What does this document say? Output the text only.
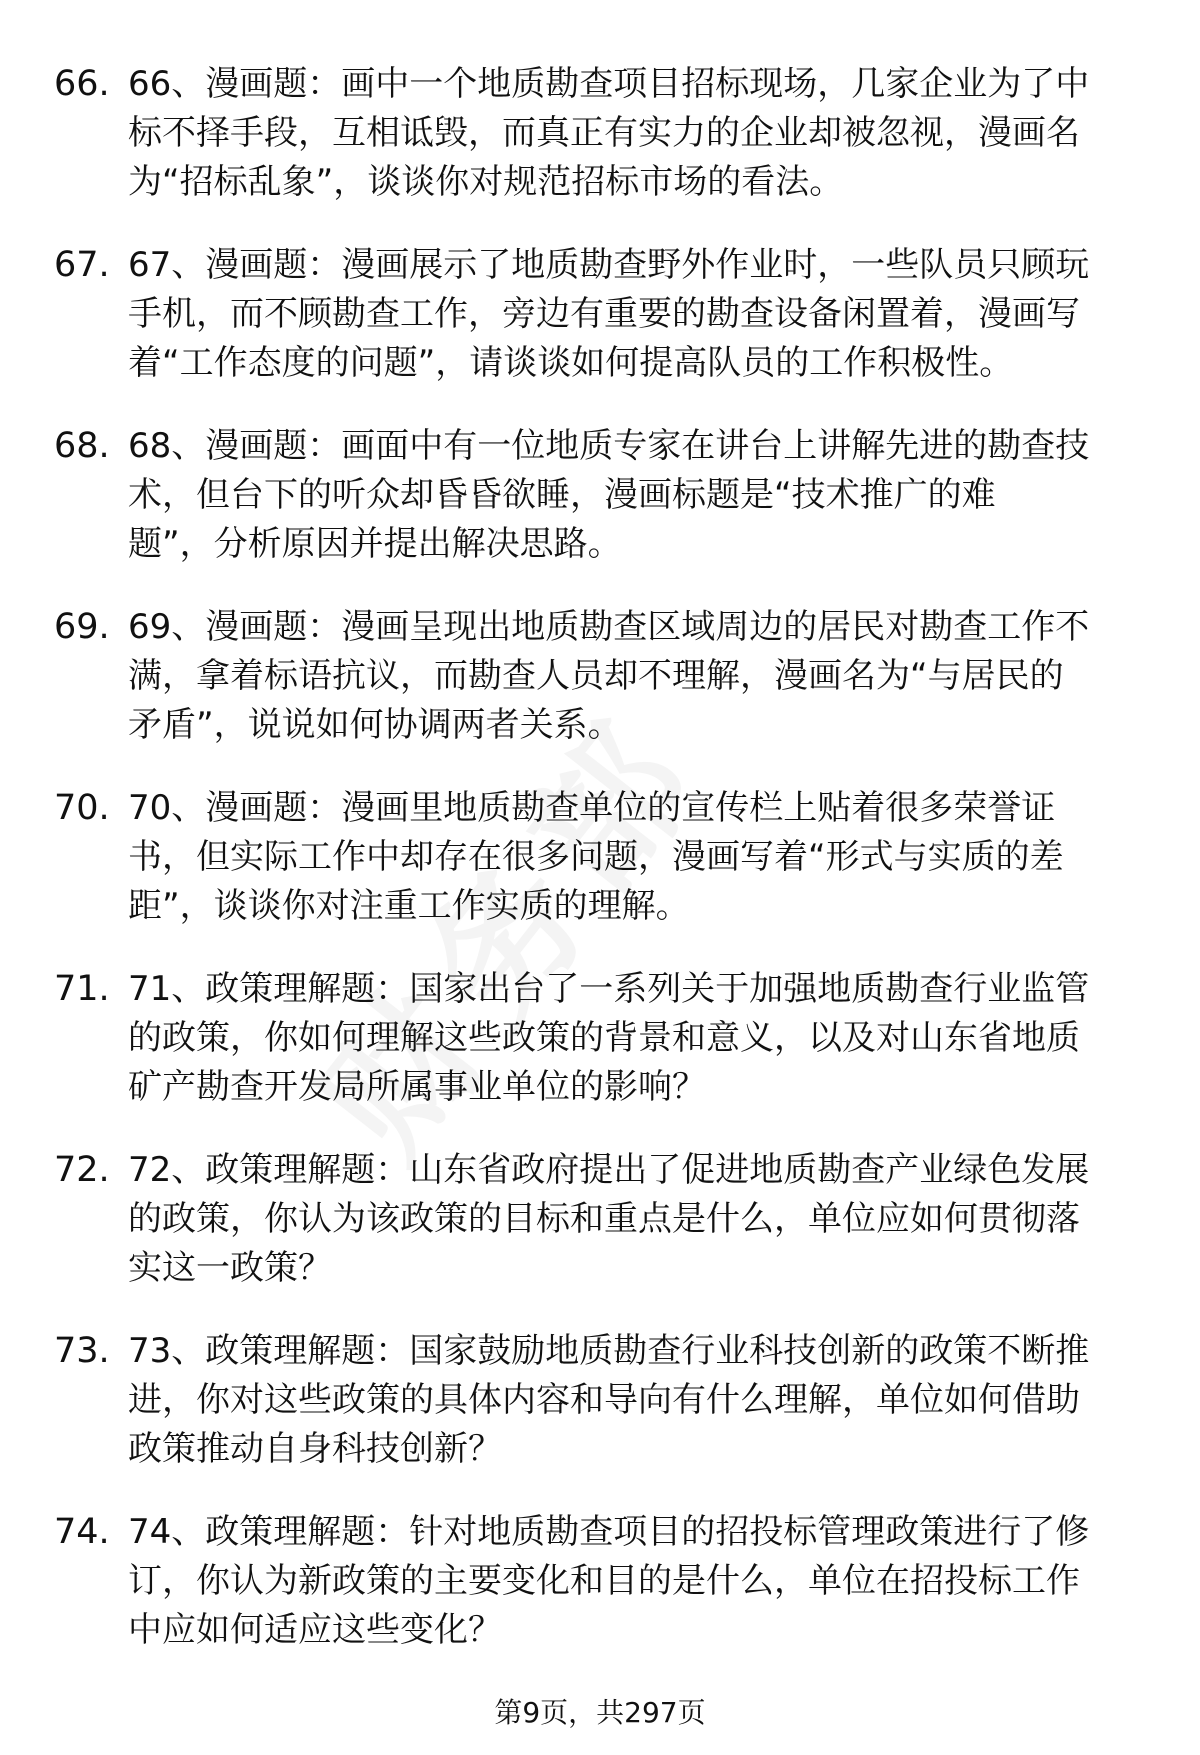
66. 66、漫画题：画中一个地质勘查项目招标现场，几家企业为了中
标不择手段，互相诋毁，而真正有实力的企业却被忽视，漫画名
为“招标乱象”，谈谈你对规范招标市场的看法。
67. 67、漫画题：漫画展示了地质勘查野外作业时，一些队员只顾玩
手机，而不顾勘查工作，旁边有重要的勘查设备闲置着，漫画写
着“工作态度的问题”，请谈谈如何提高队员的工作积极性。
68. 68、漫画题：画面中有一位地质专家在讲台上讲解先进的勘查技
术，但台下的听众却昏昏欲睡，漫画标题是“技术推广的难
题”，分析原因并提出解决思路。
69. 69、漫画题：漫画呈现出地质勘查区域周边的居民对勘查工作不
满，拿着标语抗议，而勘查人员却不理解，漫画名为“与居民的
矛盾”，说说如何协调两者关系。
70. 70、漫画题：漫画里地质勘查单位的宣传栏上贴着很多荣誉证
书，但实际工作中却存在很多问题，漫画写着“形式与实质的差
距”，谈谈你对注重工作实质的理解。
71. 71、政策理解题：国家出台了一系列关于加强地质勘查行业监管
的政策，你如何理解这些政策的背景和意义，以及对山东省地质
矿产勘查开发局所属事业单位的影响？
72. 72、政策理解题：山东省政府提出了促进地质勘查产业绿色发展
的政策，你认为该政策的目标和重点是什么，单位应如何贯彻落
实这一政策？
73. 73、政策理解题：国家鼓励地质勘查行业科技创新的政策不断推
进，你对这些政策的具体内容和导向有什么理解，单位如何借助
政策推动自身科技创新？
74. 74、政策理解题：针对地质勘查项目的招投标管理政策进行了修
订，你认为新政策的主要变化和目的是什么，单位在招投标工作
中应如何适应这些变化？
第9页，共297页
